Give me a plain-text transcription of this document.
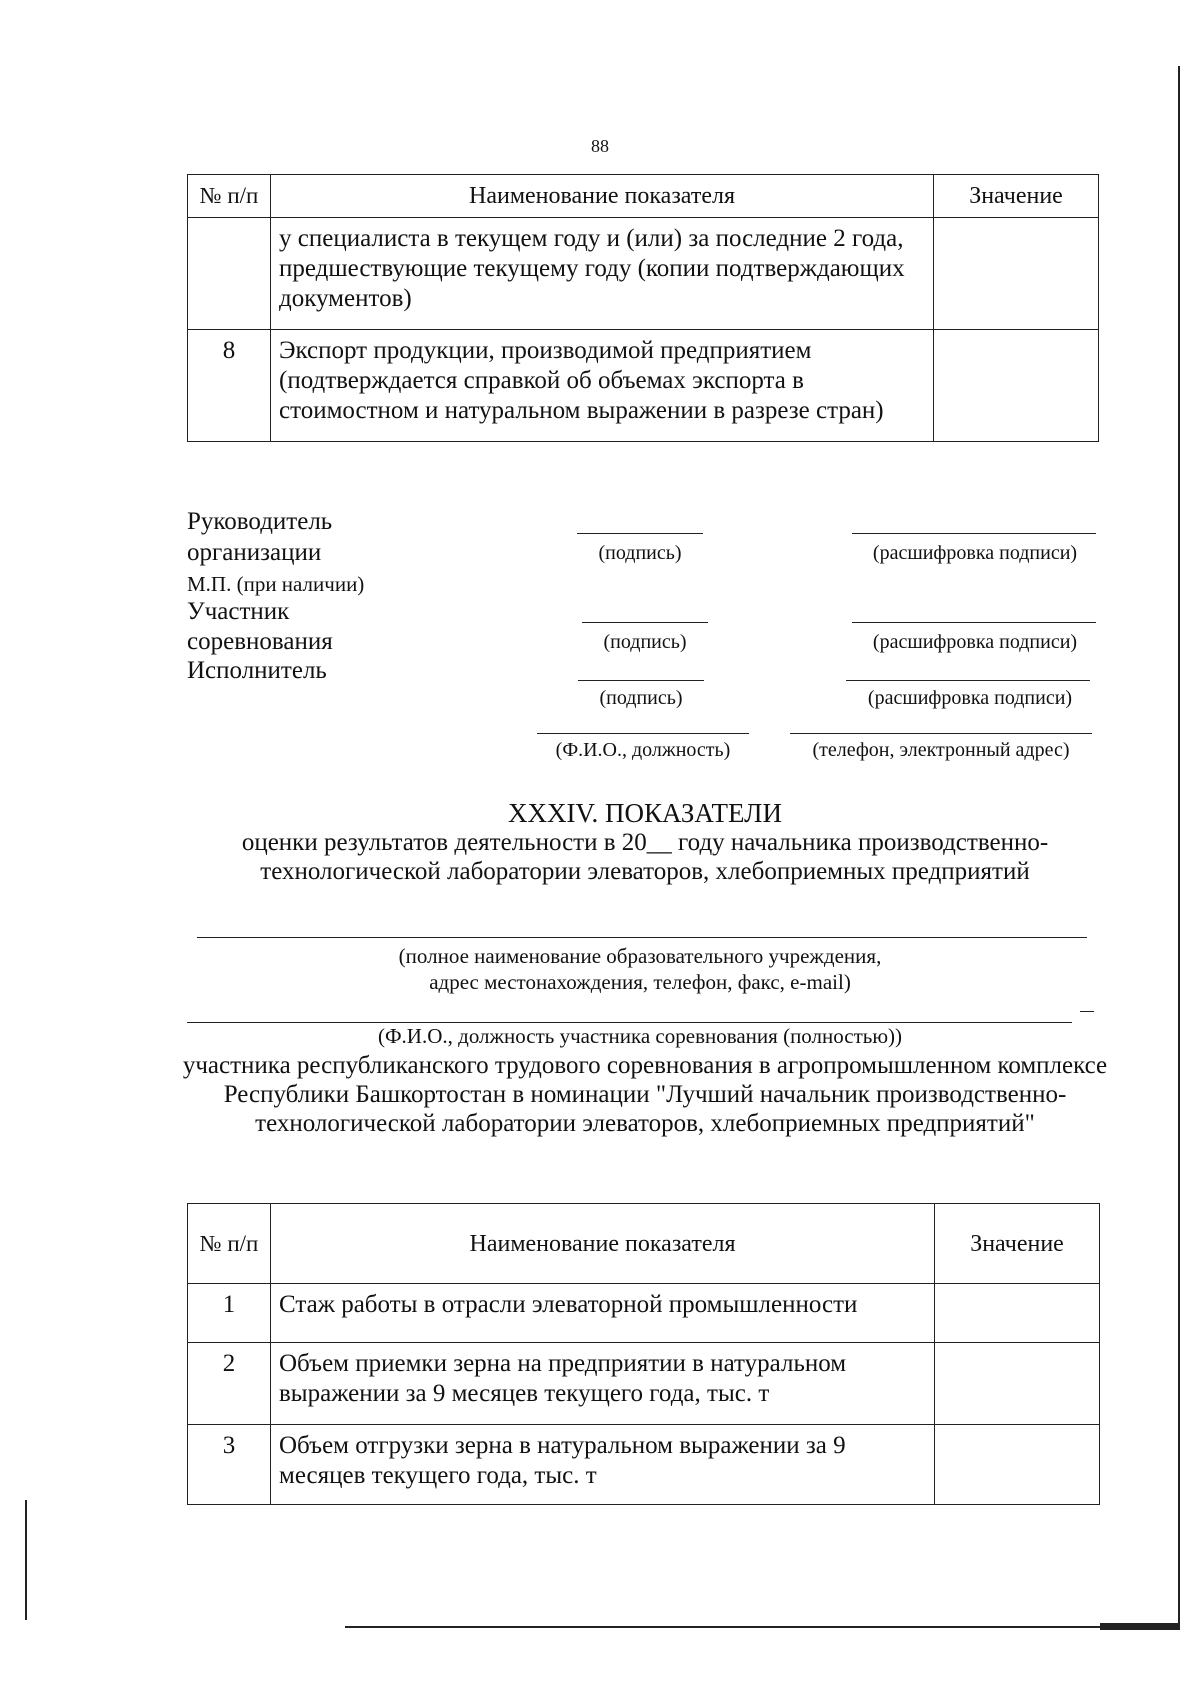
88
№ п/п	Наименование показателя	Значение
	у специалиста в текущем году и (или) за последние 2 года, предшествующие текущему году (копии подтверждающих документов)	
8	Экспорт продукции, производимой предприятием (подтверждается справкой об объемах экспорта в стоимостном и натуральном выражении в разрезе стран)	
Руководитель
организации
М.П. (при наличии)
Участник
соревнования
Исполнитель
(подпись)	(расшифровка подписи)
(подпись)	(расшифровка подписи)
(подпись)	(расшифровка подписи)
(Ф.И.О., должность)	(телефон, электронный адрес)
XXXIV. ПОКАЗАТЕЛИ
оценки результатов деятельности в 20__ году начальника производственно-технологической лаборатории элеваторов, хлебоприемных предприятий
(полное наименование образовательного учреждения,
адрес местонахождения, телефон, факс, e-mail)
(Ф.И.О., должность участника соревнования (полностью))
участника республиканского трудового соревнования в агропромышленном комплексе Республики Башкортостан в номинации "Лучший начальник производственно-технологической лаборатории элеваторов, хлебоприемных предприятий"
№ п/п	Наименование показателя	Значение
1	Стаж работы в отрасли элеваторной промышленности	
2	Объем приемки зерна на предприятии в натуральном выражении за 9 месяцев текущего года, тыс. т	
3	Объем отгрузки зерна в натуральном выражении за 9 месяцев текущего года, тыс. т	
